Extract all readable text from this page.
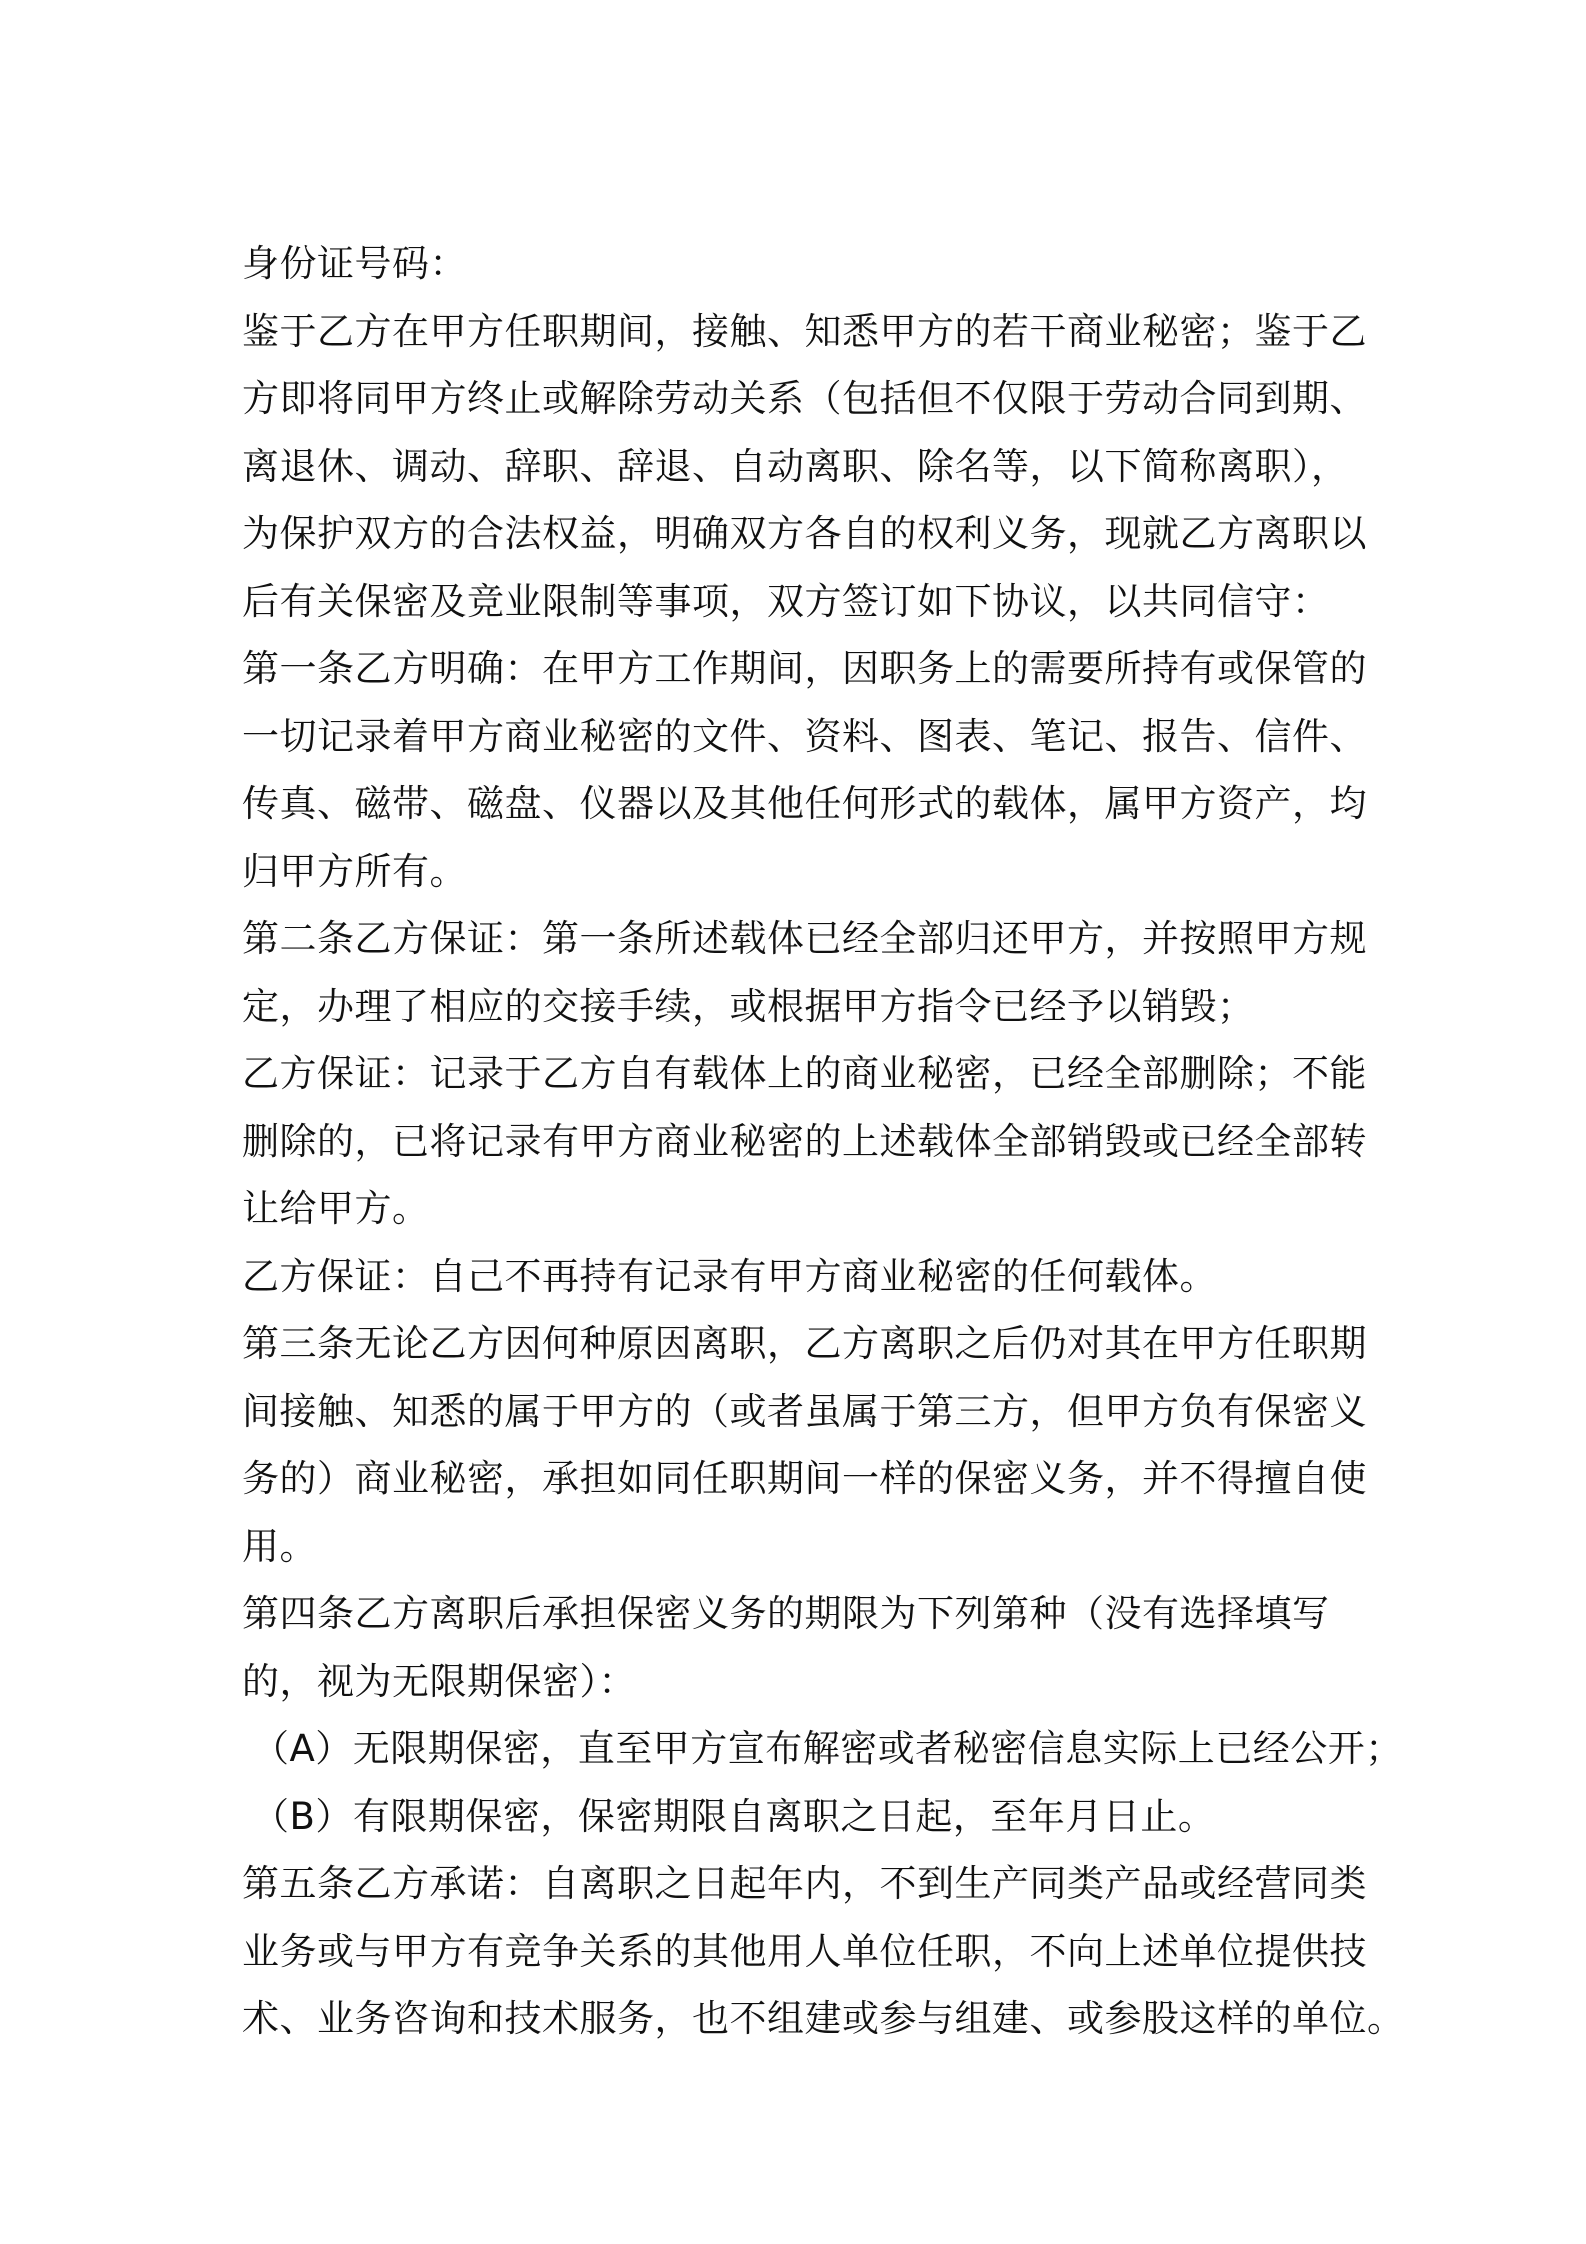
身份证号码：
鉴于乙方在甲方任职期间，接触、知悉甲方的若干商业秘密；鉴于乙
方即将同甲方终止或解除劳动关系（包括但不仅限于劳动合同到期、
离退休、调动、辞职、辞退、自动离职、除名等，以下简称离职），
为保护双方的合法权益，明确双方各自的权利义务，现就乙方离职以
后有关保密及竞业限制等事项，双方签订如下协议，以共同信守：
第一条乙方明确：在甲方工作期间，因职务上的需要所持有或保管的
一切记录着甲方商业秘密的文件、资料、图表、笔记、报告、信件、
传真、磁带、磁盘、仪器以及其他任何形式的载体，属甲方资产，均
归甲方所有。
第二条乙方保证：第一条所述载体已经全部归还甲方，并按照甲方规
定，办理了相应的交接手续，或根据甲方指令已经予以销毁；
乙方保证：记录于乙方自有载体上的商业秘密，已经全部删除；不能
删除的，已将记录有甲方商业秘密的上述载体全部销毁或已经全部转
让给甲方。
乙方保证：自己不再持有记录有甲方商业秘密的任何载体。
第三条无论乙方因何种原因离职，乙方离职之后仍对其在甲方任职期
间接触、知悉的属于甲方的（或者虽属于第三方，但甲方负有保密义
务的）商业秘密，承担如同任职期间一样的保密义务，并不得擅自使
用。
第四条乙方离职后承担保密义务的期限为下列第种（没有选择填写
的，视为无限期保密）：
（A）无限期保密，直至甲方宣布解密或者秘密信息实际上已经公开；
（B）有限期保密，保密期限自离职之日起，至年月日止。
第五条乙方承诺：自离职之日起年内，不到生产同类产品或经营同类
业务或与甲方有竞争关系的其他用人单位任职，不向上述单位提供技
术、业务咨询和技术服务，也不组建或参与组建、或参股这样的单位。
